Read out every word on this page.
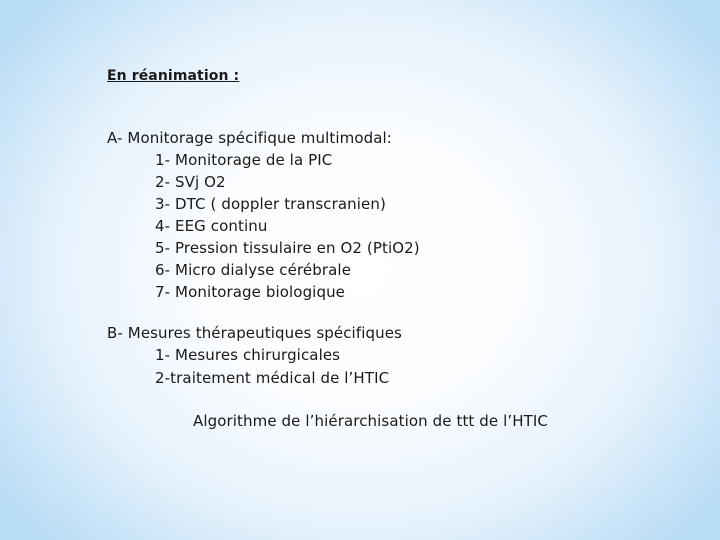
En réanimation :
A- Monitorage spécifique multimodal:
1- Monitorage de la PIC
2- SVj O2
3- DTC ( doppler transcranien)
4- EEG continu
5- Pression tissulaire en O2 (PtiO2)
6- Micro dialyse cérébrale
7- Monitorage biologique
B- Mesures thérapeutiques spécifiques
1- Mesures chirurgicales
2-traitement médical de l’HTIC
Algorithme de l’hiérarchisation de ttt de l’HTIC
